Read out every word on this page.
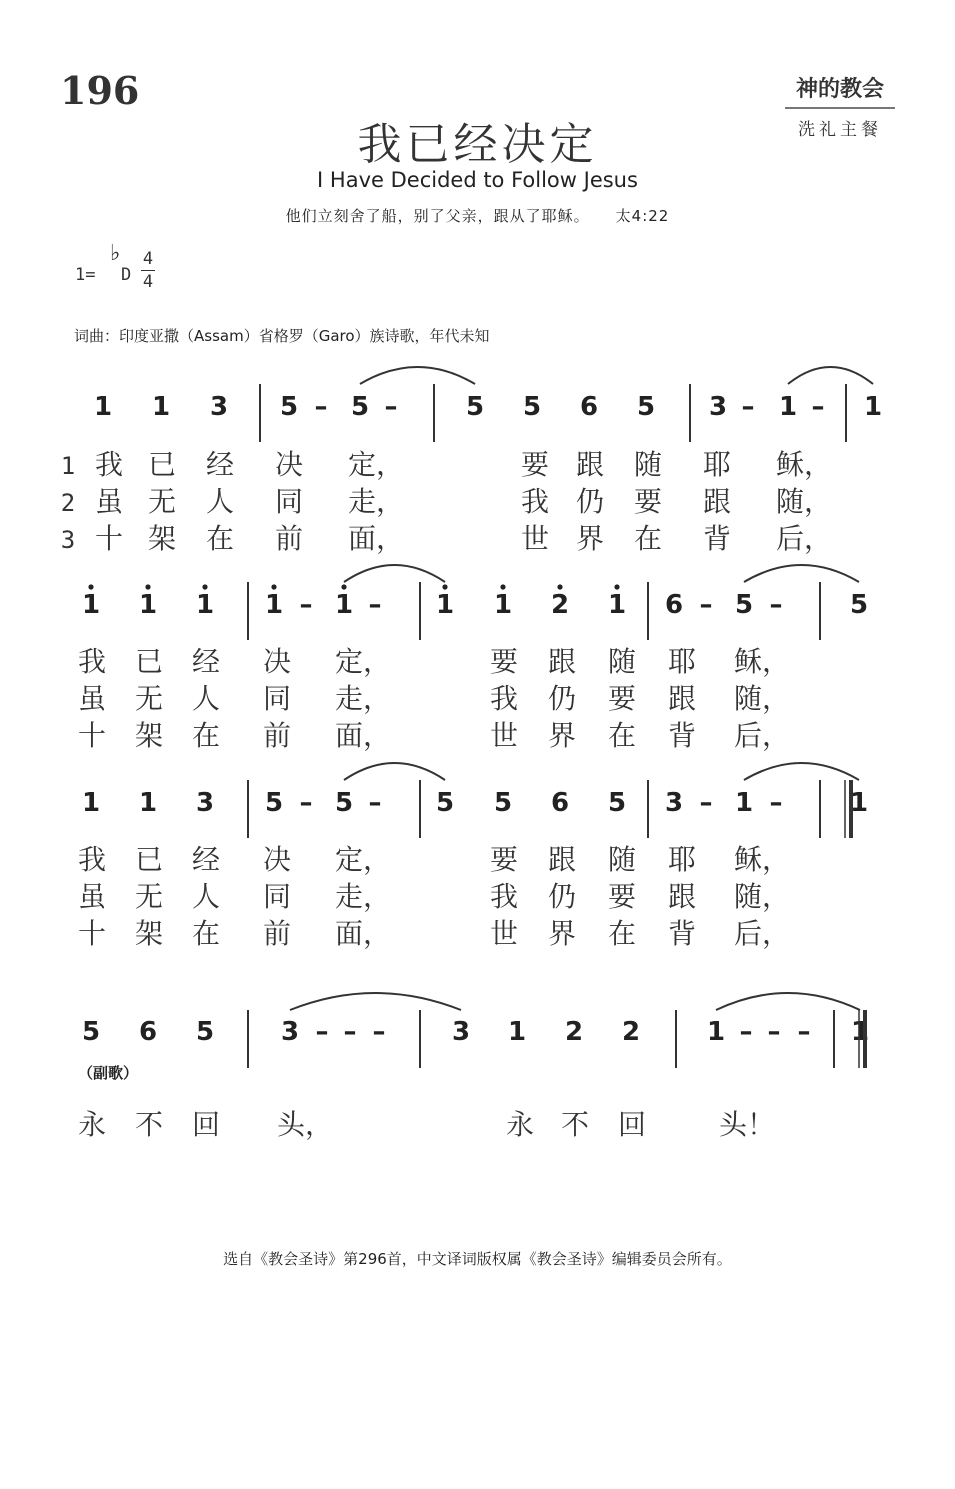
196	神的教会
洗礼主餐
我已经决定
I Have Decided to Follow Jesus
他们立刻舍了船，别了父亲，跟从了耶稣。 太4:22
1=
♭
D $\frac{4}{4}$
词曲：印度亚撒（Assam）省格罗（Garo）族诗歌，年代未知
1 1 3 5 – 5 –	5 5 6 5 3 – 1 – 1
1
2
3
我 已 经 决 定，	要 跟 随 耶 稣，
虽 无 人 同 走，	我 仍 要 跟 随，
十 架 在 前 面，	世 界 在 背 后，
1 1 1 1 – 1 – 1 1 2 1 6 – 5 –	5
我 已 经 决 定，	要 跟 随 耶 稣，
虽 无 人 同 走，	我 仍 要 跟 随，
十 架 在 前 面，	世 界 在 背 后，
1 1 3 5 – 5 – 5 5 6 5 3 – 1 –	1
我 已 经 决 定，	要 跟 随 耶 稣，
虽 无 人 同 走，	我 仍 要 跟 随，
十 架 在 前 面，	世 界 在 背 后，
5 6 5	3 – – –	3 1 2 2	1 – – – 1
（副歌）
永 不 回 头，	永 不 回	头！
选自《教会圣诗》第296首，中文译词版权属《教会圣诗》编辑委员会所有。
